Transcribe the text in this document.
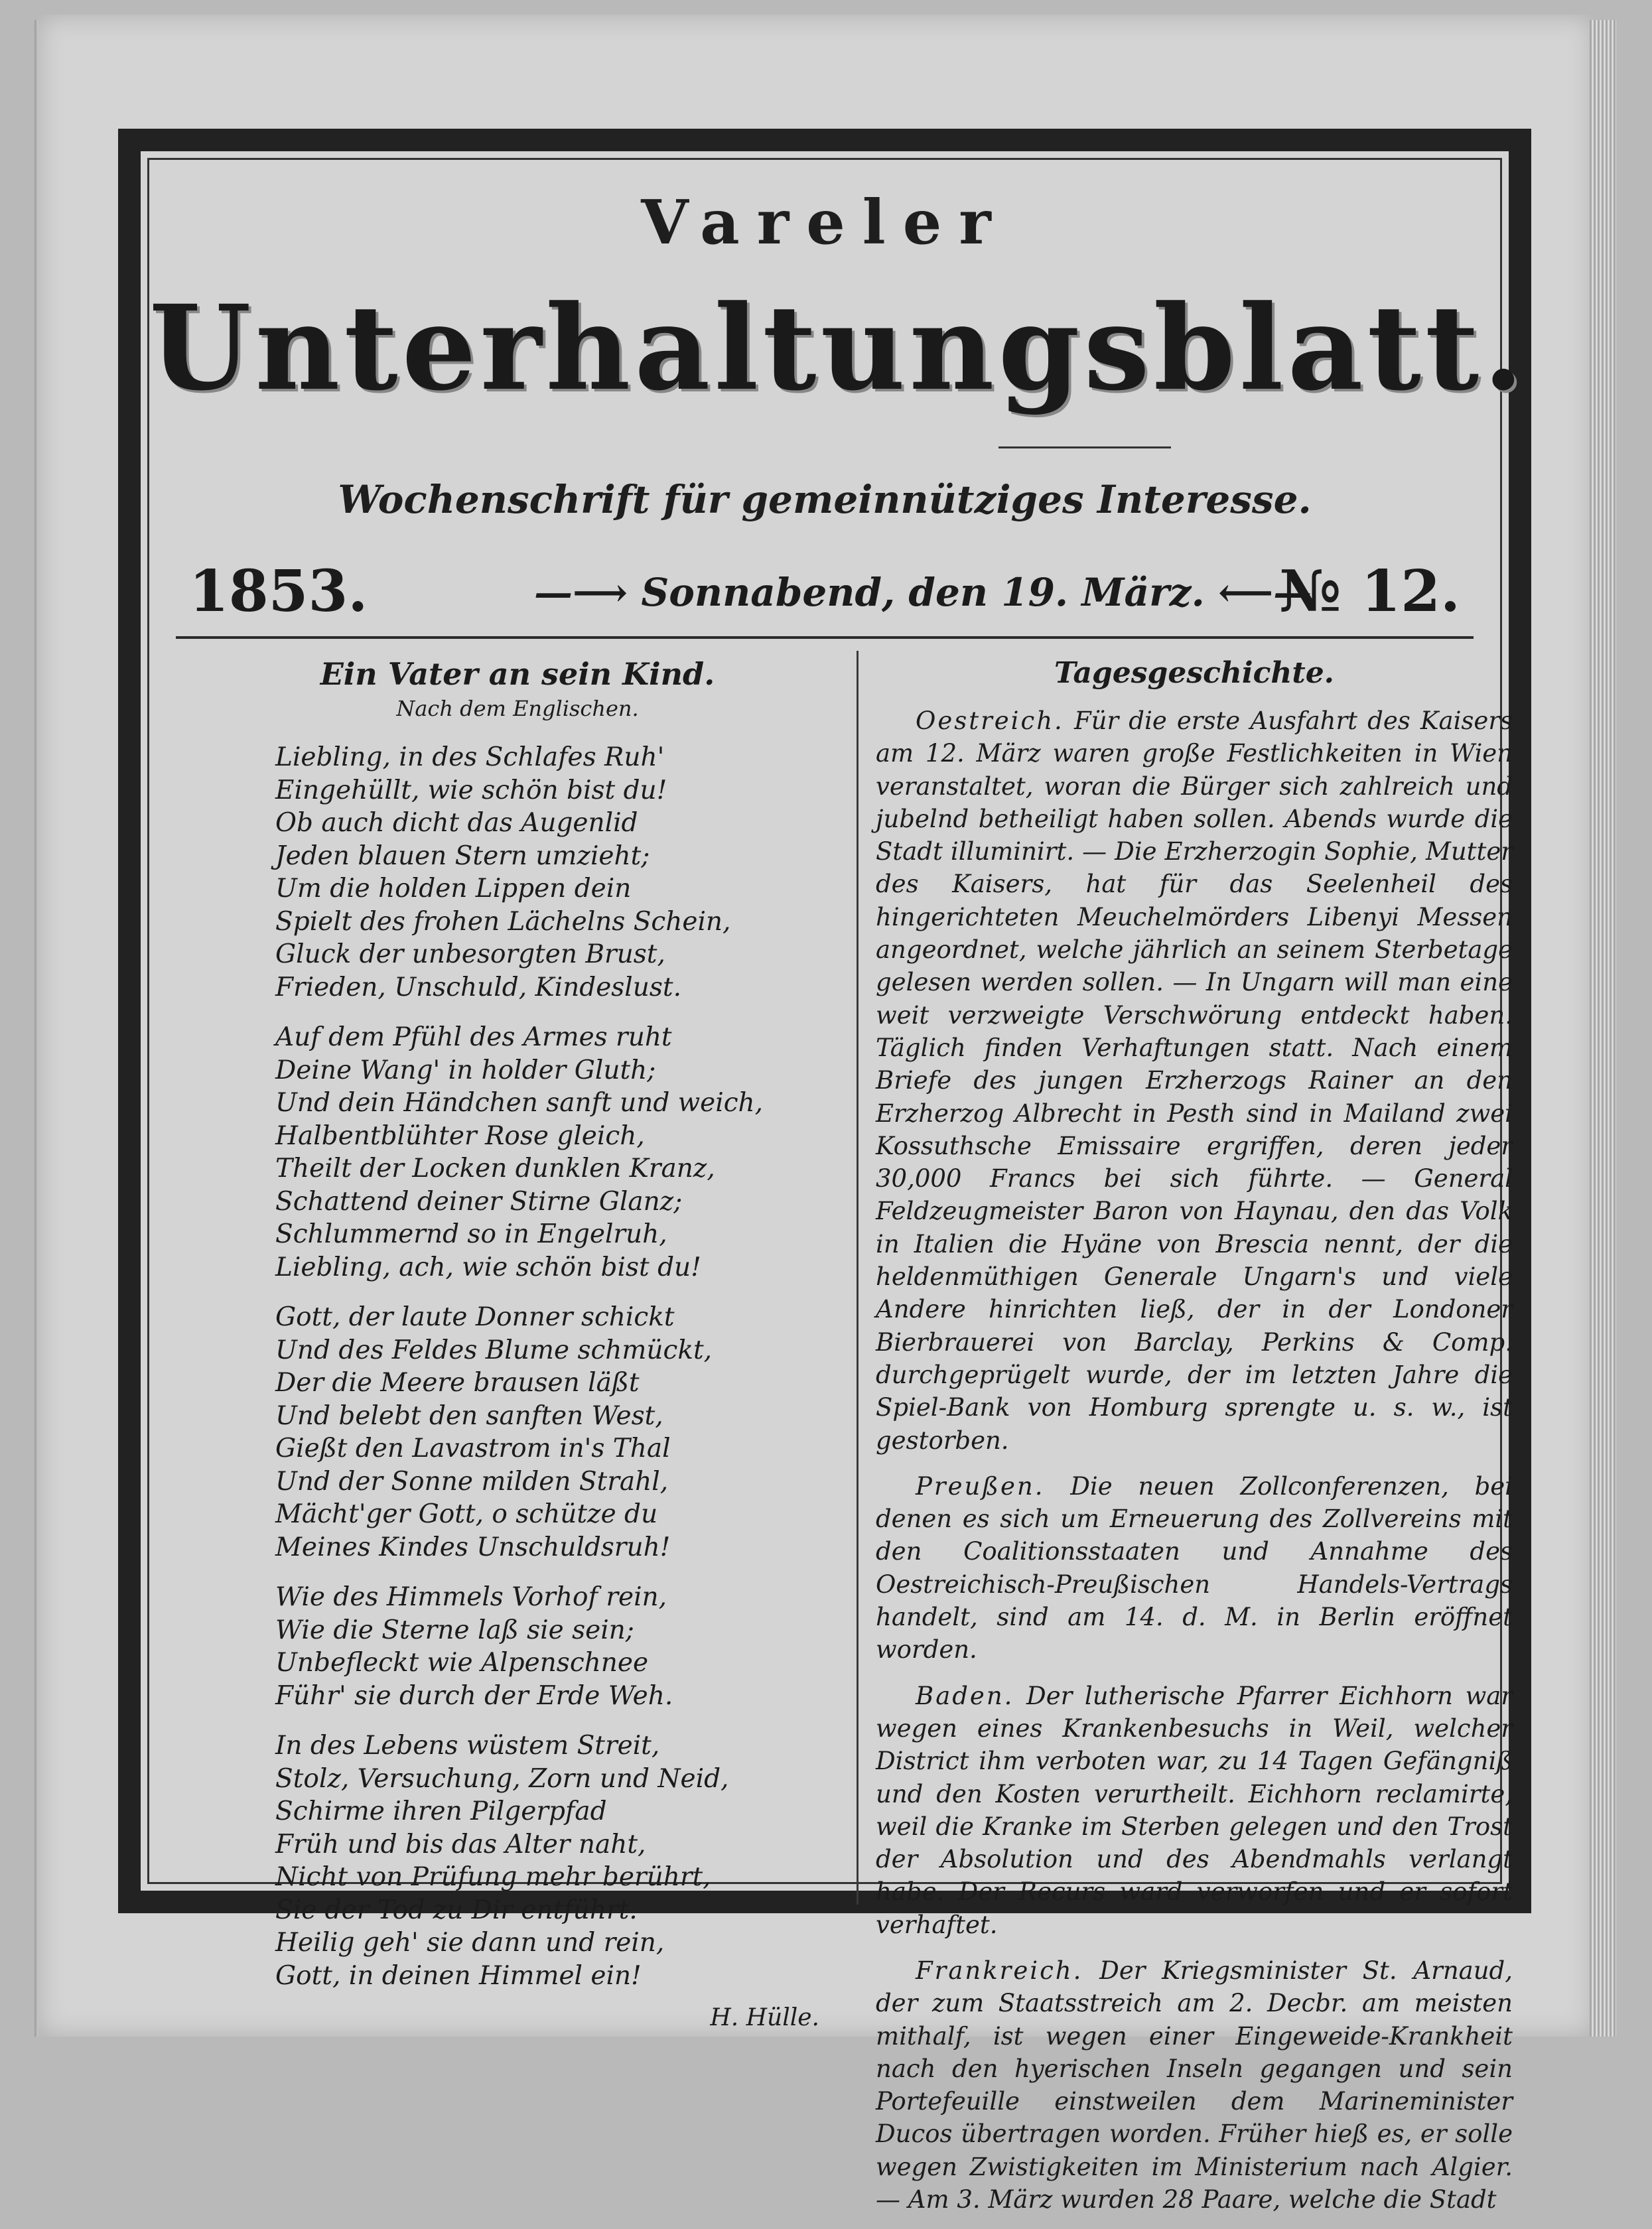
Vareler
Unterhaltungsblatt.
Wochenschrift für gemeinnütziges Interesse.
1853.	—⟶ Sonnabend, den 19. März. ⟵—
№ 12.
Ein Vater an sein Kind.
Nach dem Englischen.
Liebling, in des Schlafes Ruh'
Eingehüllt, wie schön bist du!
Ob auch dicht das Augenlid
Jeden blauen Stern umzieht;
Um die holden Lippen dein
Spielt des frohen Lächelns Schein,
Gluck der unbesorgten Brust,
Frieden, Unschuld, Kindeslust.
Auf dem Pfühl des Armes ruht
Deine Wang' in holder Gluth;
Und dein Händchen sanft und weich,
Halbentblühter Rose gleich,
Theilt der Locken dunklen Kranz,
Schattend deiner Stirne Glanz;
Schlummernd so in Engelruh,
Liebling, ach, wie schön bist du!
Gott, der laute Donner schickt
Und des Feldes Blume schmückt,
Der die Meere brausen läßt
Und belebt den sanften West,
Gießt den Lavastrom in's Thal
Und der Sonne milden Strahl,
Mächt'ger Gott, o schütze du
Meines Kindes Unschuldsruh!
Wie des Himmels Vorhof rein,
Wie die Sterne laß sie sein;
Unbefleckt wie Alpenschnee
Führ' sie durch der Erde Weh.
In des Lebens wüstem Streit,
Stolz, Versuchung, Zorn und Neid,
Schirme ihren Pilgerpfad
Früh und bis das Alter naht,
Nicht von Prüfung mehr berührt,
Sie der Tod zu Dir entführt.
Heilig geh' sie dann und rein,
Gott, in deinen Himmel ein!
H. Hülle.
Tagesgeschichte.
Oestreich. Für die erste Ausfahrt des Kaisers am 12. März waren große Festlichkeiten in Wien veranstaltet, woran die Bürger sich zahlreich und jubelnd betheiligt haben sollen. Abends wurde die Stadt illuminirt. — Die Erzherzogin Sophie, Mutter des Kaisers, hat für das Seelenheil des hingerichteten Meuchelmörders Libenyi Messen angeordnet, welche jährlich an seinem Sterbetage gelesen werden sollen. — In Ungarn will man eine weit verzweigte Verschwörung entdeckt haben. Täglich finden Verhaftungen statt. Nach einem Briefe des jungen Erzherzogs Rainer an den Erzherzog Albrecht in Pesth sind in Mailand zwei Kossuthsche Emissaire ergriffen, deren jeder 30,000 Francs bei sich führte. — General Feldzeugmeister Baron von Haynau, den das Volk in Italien die Hyäne von Brescia nennt, der die heldenmüthigen Generale Ungarn's und viele Andere hinrichten ließ, der in der Londoner Bierbrauerei von Barclay, Perkins & Comp. durchgeprügelt wurde, der im letzten Jahre die Spiel-Bank von Homburg sprengte u. s. w., ist gestorben.
Preußen. Die neuen Zollconferenzen, bei denen es sich um Erneuerung des Zollvereins mit den Coalitionsstaaten und Annahme des Oestreichisch-Preußischen Handels-Vertrags handelt, sind am 14. d. M. in Berlin eröffnet worden.
Baden. Der lutherische Pfarrer Eichhorn war wegen eines Krankenbesuchs in Weil, welcher District ihm verboten war, zu 14 Tagen Gefängniß und den Kosten verurtheilt. Eichhorn reclamirte, weil die Kranke im Sterben gelegen und den Trost der Absolution und des Abendmahls verlangt habe. Der Recurs ward verworfen und er sofort verhaftet.
Frankreich. Der Kriegsminister St. Arnaud, der zum Staatsstreich am 2. Decbr. am meisten mithalf, ist wegen einer Eingeweide-Krankheit nach den hyerischen Inseln gegangen und sein Portefeuille einstweilen dem Marineminister Ducos übertragen worden. Früher hieß es, er solle wegen Zwistigkeiten im Ministerium nach Algier. — Am 3. März wurden 28 Paare, welche die Stadt
